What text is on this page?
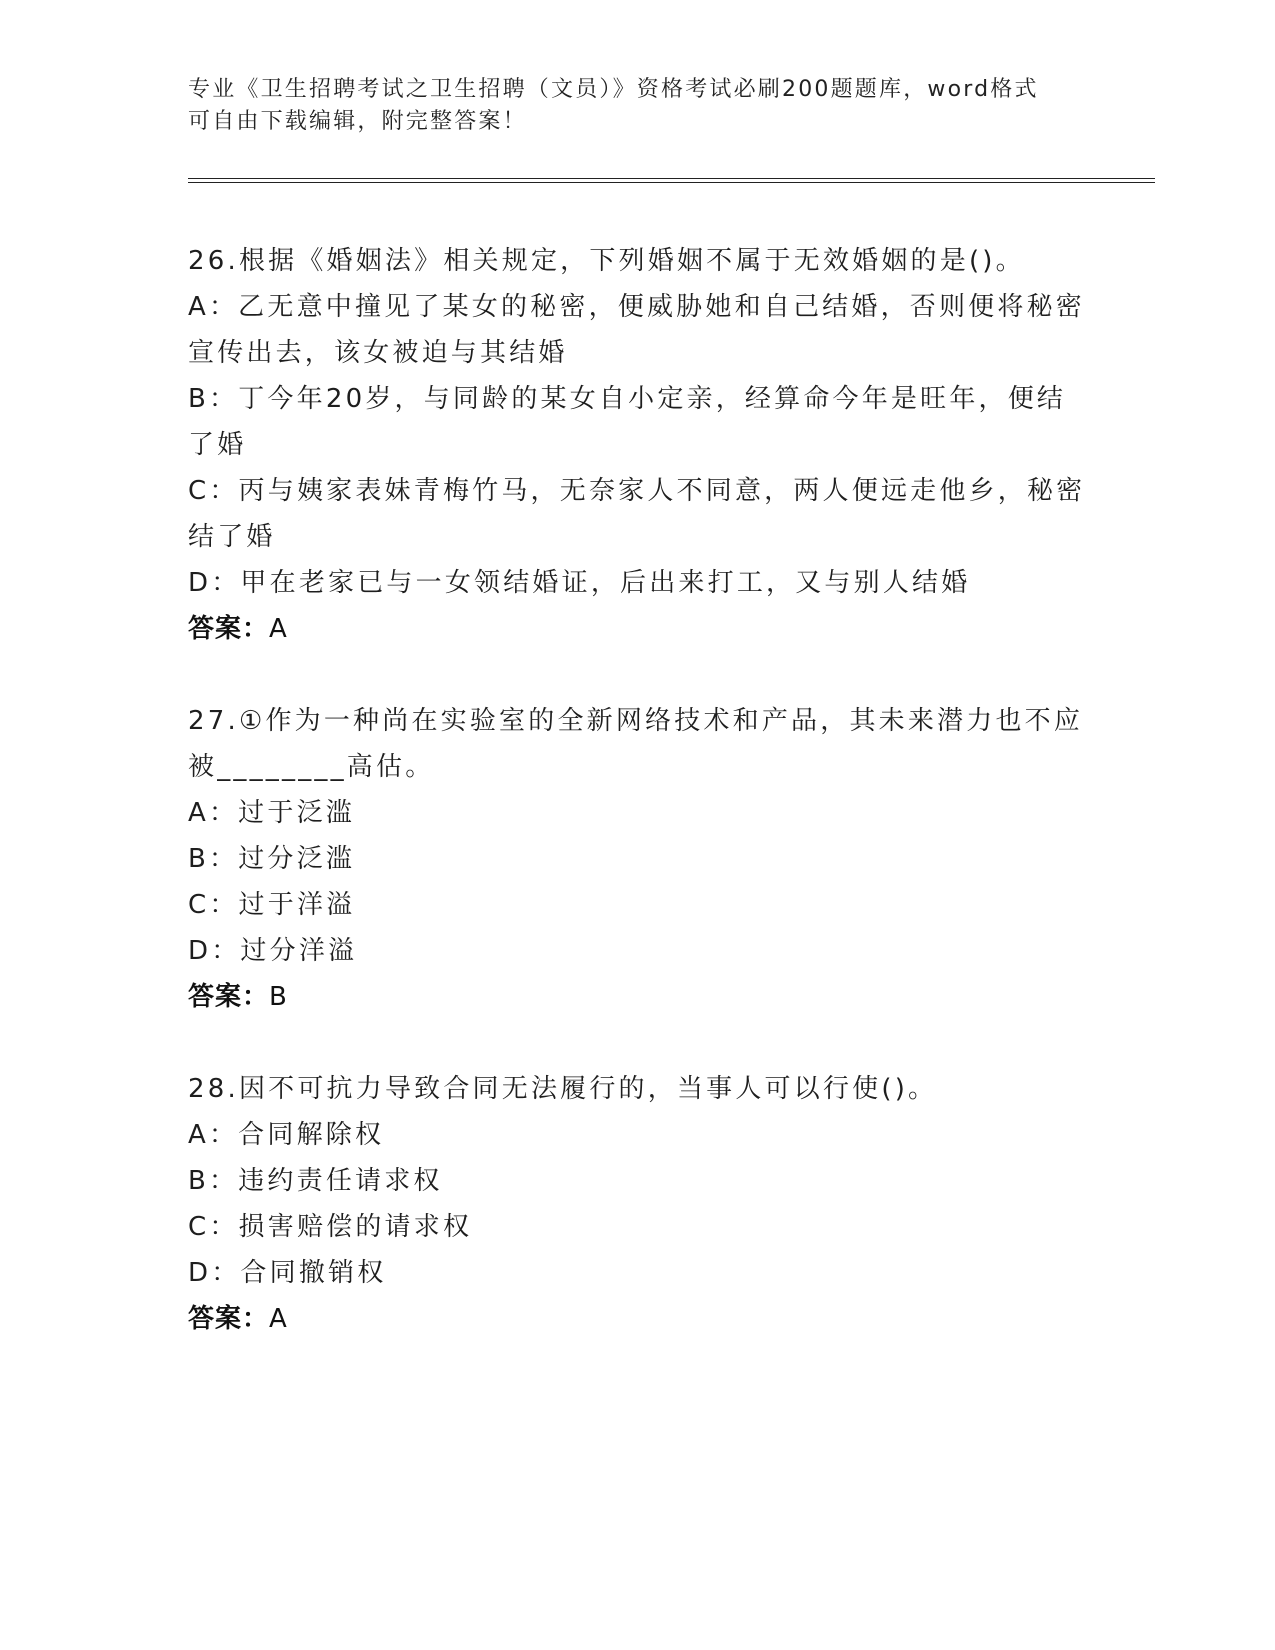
专业《卫生招聘考试之卫生招聘（文员）》资格考试必刷200题题库，word格式
可自由下载编辑，附完整答案！
26.根据《婚姻法》相关规定，下列婚姻不属于无效婚姻的是()。
A：乙无意中撞见了某女的秘密，便威胁她和自己结婚，否则便将秘密
宣传出去，该女被迫与其结婚
B：丁今年20岁，与同龄的某女自小定亲，经算命今年是旺年，便结
了婚
C：丙与姨家表妹青梅竹马，无奈家人不同意，两人便远走他乡，秘密
结了婚
D：甲在老家已与一女领结婚证，后出来打工，又与别人结婚
答案：A
27.①作为一种尚在实验室的全新网络技术和产品，其未来潜力也不应
被________高估。
A：过于泛滥
B：过分泛滥
C：过于洋溢
D：过分洋溢
答案：B
28.因不可抗力导致合同无法履行的，当事人可以行使()。
A：合同解除权
B：违约责任请求权
C：损害赔偿的请求权
D：合同撤销权
答案：A
